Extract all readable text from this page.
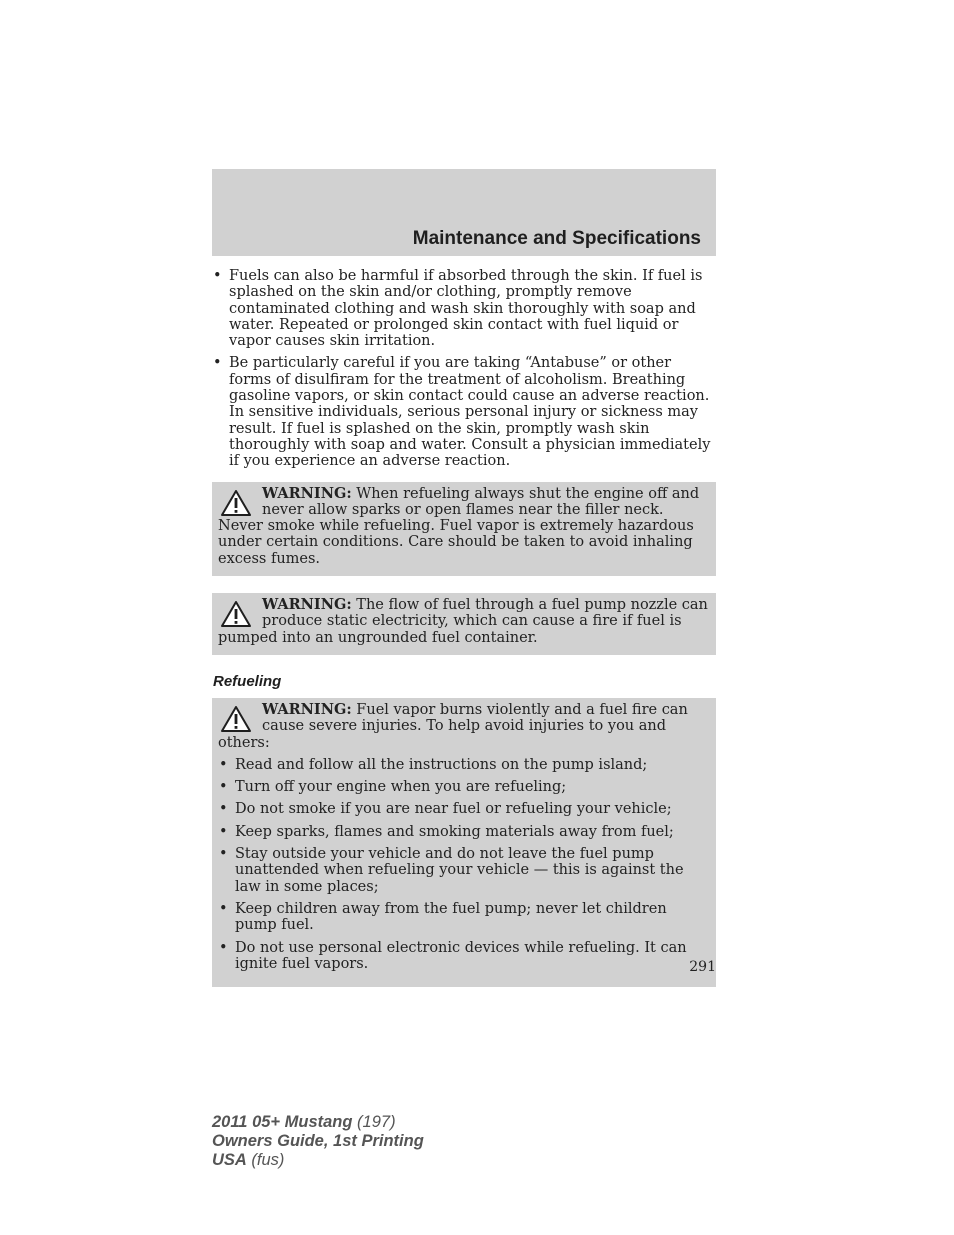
Maintenance and Specifications
• Fuels can also be harmful if absorbed through the skin. If fuel is splashed on the skin and/or clothing, promptly remove contaminated clothing and wash skin thoroughly with soap and water. Repeated or prolonged skin contact with fuel liquid or vapor causes skin irritation.
• Be particularly careful if you are taking “Antabuse” or other forms of disulfiram for the treatment of alcoholism. Breathing gasoline vapors, or skin contact could cause an adverse reaction. In sensitive individuals, serious personal injury or sickness may result. If fuel is splashed on the skin, promptly wash skin thoroughly with soap and water. Consult a physician immediately if you experience an adverse reaction.
WARNING: When refueling always shut the engine off and never allow sparks or open flames near the filler neck. Never smoke while refueling. Fuel vapor is extremely hazardous under certain conditions. Care should be taken to avoid inhaling excess fumes.
WARNING: The flow of fuel through a fuel pump nozzle can produce static electricity, which can cause a fire if fuel is pumped into an ungrounded fuel container.
Refueling
WARNING: Fuel vapor burns violently and a fuel fire can cause severe injuries. To help avoid injuries to you and others:
• Read and follow all the instructions on the pump island;
• Turn off your engine when you are refueling;
• Do not smoke if you are near fuel or refueling your vehicle;
• Keep sparks, flames and smoking materials away from fuel;
• Stay outside your vehicle and do not leave the fuel pump unattended when refueling your vehicle — this is against the law in some places;
• Keep children away from the fuel pump; never let children pump fuel.
• Do not use personal electronic devices while refueling. It can ignite fuel vapors.	291
2011 05+ Mustang (197)
Owners Guide, 1st Printing
USA (fus)
